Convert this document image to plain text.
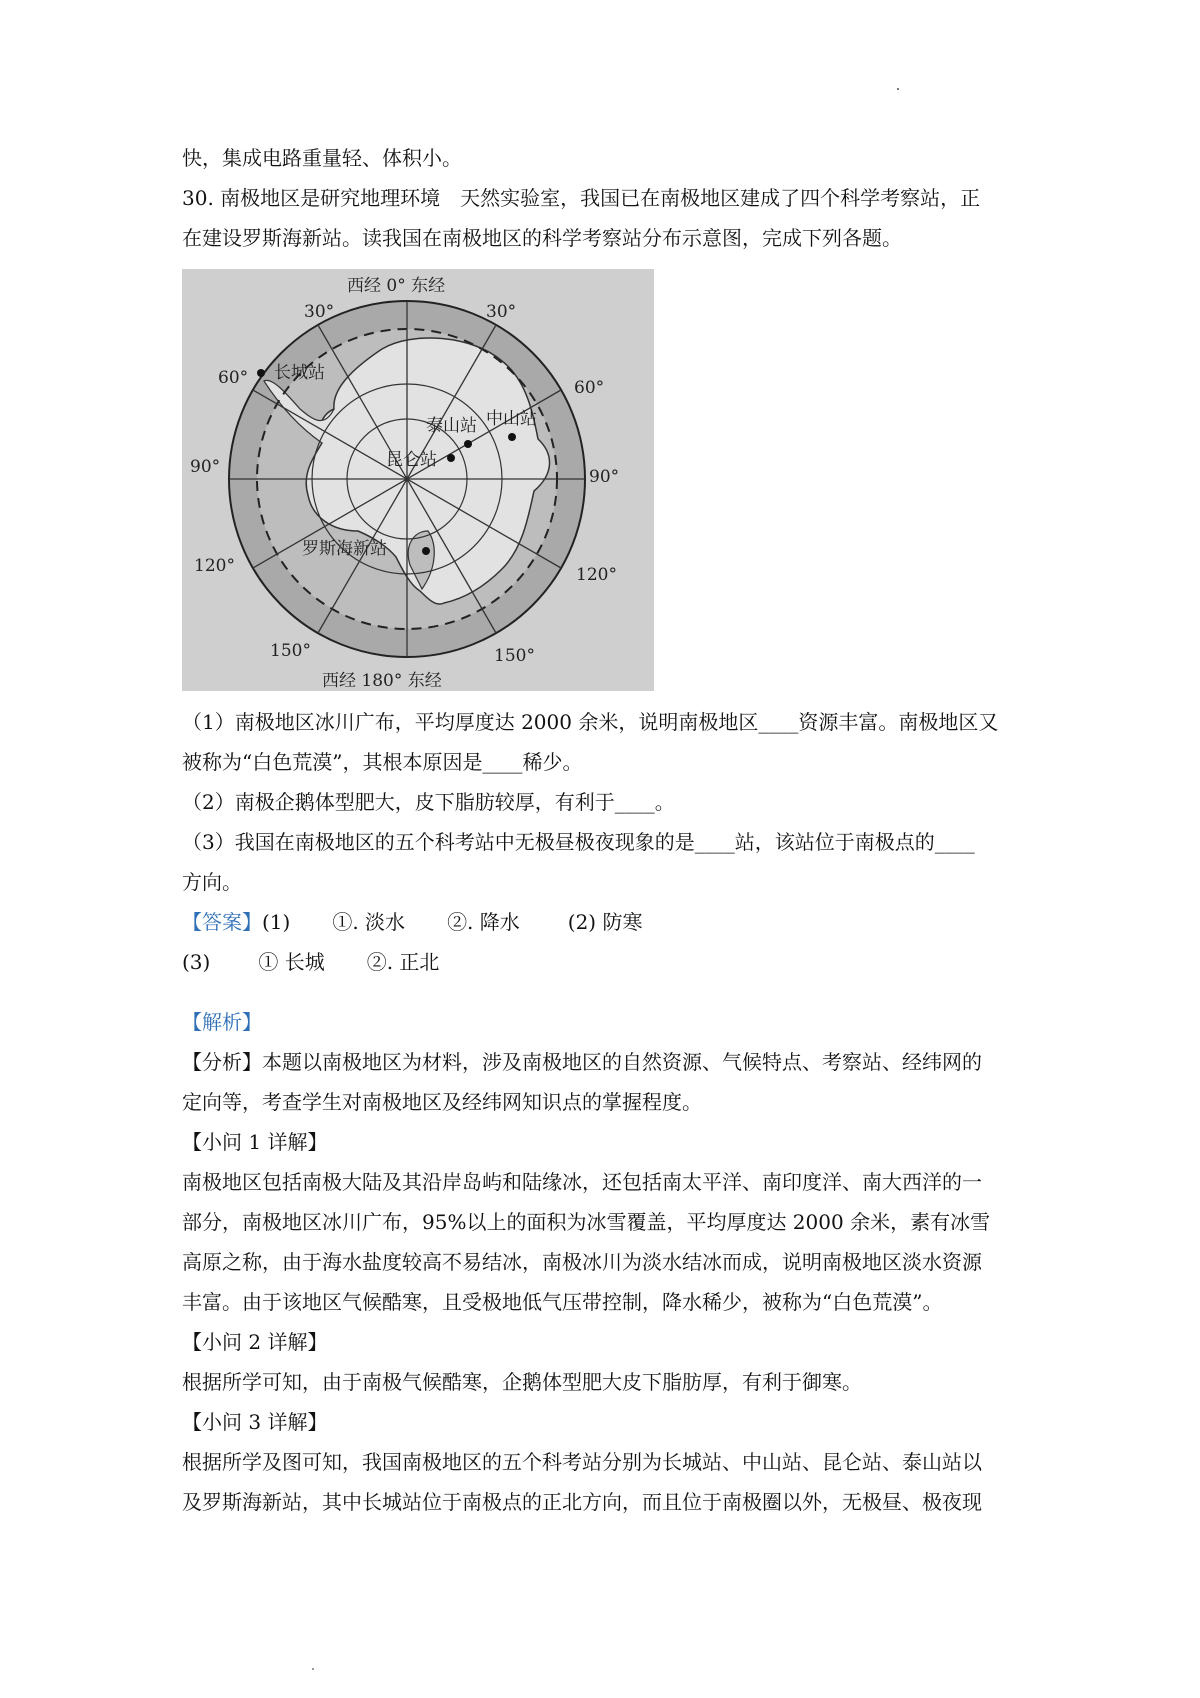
快，集成电路重量轻、体积小。
30. 南极地区是研究地理环境　天然实验室，我国已在南极地区建成了四个科学考察站，正
在建设罗斯海新站。读我国在南极地区的科学考察站分布示意图，完成下列各题。
西经 0° 东经
西经 180° 东经
30°	30°
60°	60°
90°	90°
120°	120°
150°	150°
长城站
泰山站 中山站
昆仑站
罗斯海新站
（1）南极地区冰川广布，平均厚度达 2000 余米，说明南极地区____资源丰富。南极地区又
被称为“白色荒漠”，其根本原因是____稀少。
（2）南极企鹅体型肥大，皮下脂肪较厚，有利于____。
（3）我国在南极地区的五个科考站中无极昼极夜现象的是____站，该站位于南极点的____
方向。
【答案】(1) ①. 淡水 ②. 降水 (2) 防寒
(3) ① 长城 ②. 正北
【解析】
【分析】本题以南极地区为材料，涉及南极地区的自然资源、气候特点、考察站、经纬网的
定向等，考查学生对南极地区及经纬网知识点的掌握程度。
【小问 1 详解】
南极地区包括南极大陆及其沿岸岛屿和陆缘冰，还包括南太平洋、南印度洋、南大西洋的一
部分，南极地区冰川广布，95%以上的面积为冰雪覆盖，平均厚度达 2000 余米，素有冰雪
高原之称，由于海水盐度较高不易结冰，南极冰川为淡水结冰而成，说明南极地区淡水资源
丰富。由于该地区气候酷寒，且受极地低气压带控制，降水稀少，被称为“白色荒漠”。
【小问 2 详解】
根据所学可知，由于南极气候酷寒，企鹅体型肥大皮下脂肪厚，有利于御寒。
【小问 3 详解】
根据所学及图可知，我国南极地区的五个科考站分别为长城站、中山站、昆仑站、泰山站以
及罗斯海新站，其中长城站位于南极点的正北方向，而且位于南极圈以外，无极昼、极夜现
